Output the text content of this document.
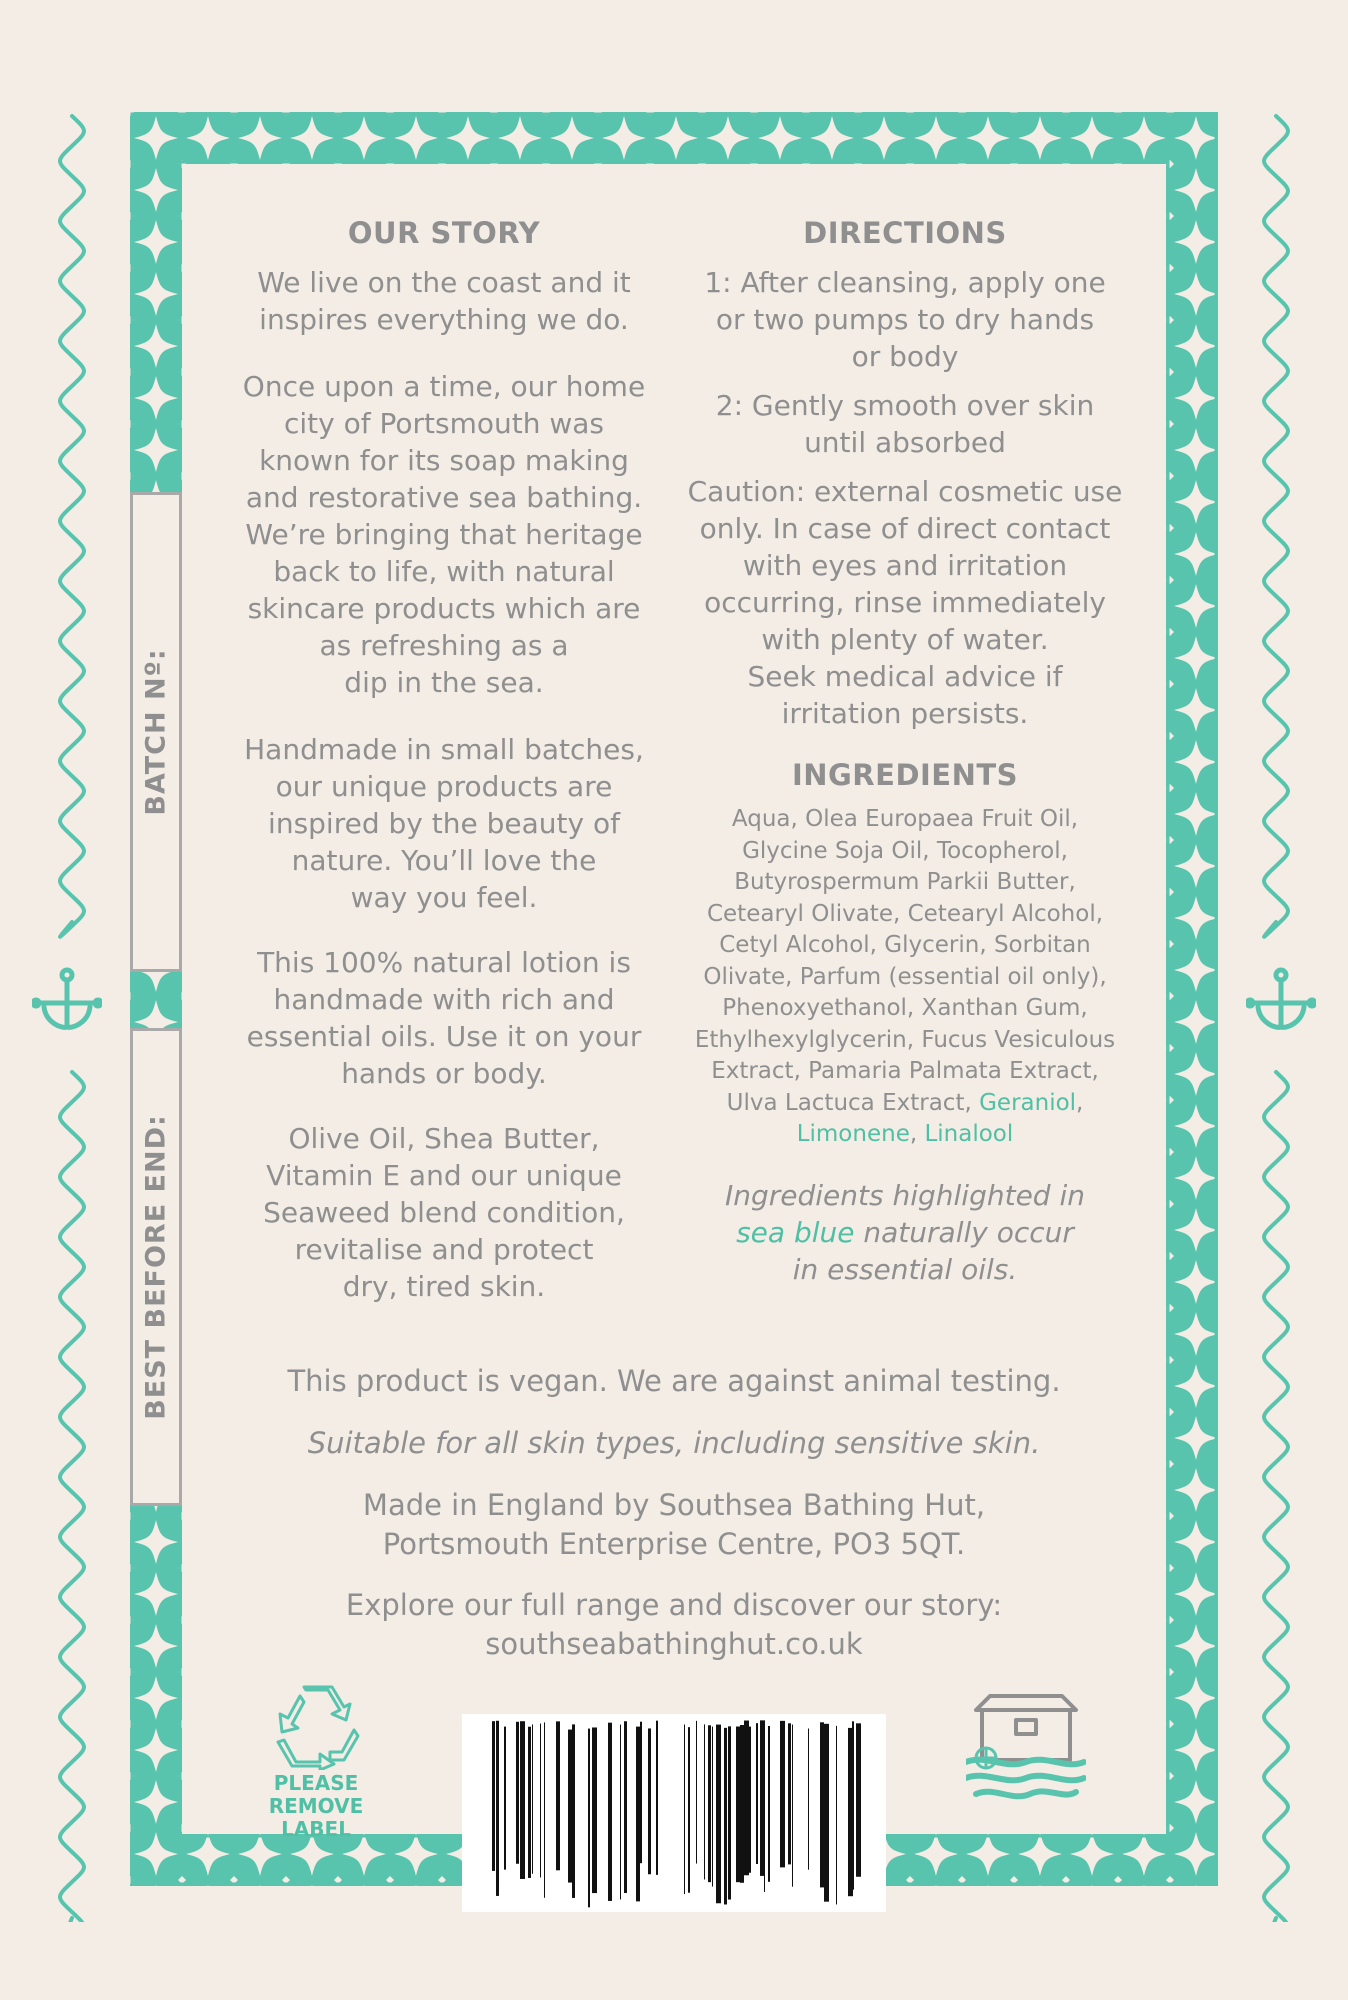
BATCH Nº:
BEST BEFORE END:
OUR STORY

We live on the coast and it
inspires everything we do.

Once upon a time, our home
city of Portsmouth was
known for its soap making
and restorative sea bathing.
We’re bringing that heritage
back to life, with natural
skincare products which are
as refreshing as a
dip in the sea.

Handmade in small batches,
our unique products are
inspired by the beauty of
nature. You’ll love the
way you feel.

This 100% natural lotion is
handmade with rich and
essential oils. Use it on your
hands or body.

Olive Oil, Shea Butter,
Vitamin E and our unique
Seaweed blend condition,
revitalise and protect
dry, tired skin.

DIRECTIONS

1: After cleansing, apply one
or two pumps to dry hands
or body

2: Gently smooth over skin
until absorbed

Caution: external cosmetic use
only. In case of direct contact
with eyes and irritation
occurring, rinse immediately
with plenty of water.
Seek medical advice if
irritation persists.

INGREDIENTS
Aqua, Olea Europaea Fruit Oil,
Glycine Soja Oil, Tocopherol,
Butyrospermum Parkii Butter,
Cetearyl Olivate, Cetearyl Alcohol,
Cetyl Alcohol, Glycerin, Sorbitan
Olivate, Parfum (essential oil only),
Phenoxyethanol, Xanthan Gum,
Ethylhexylglycerin, Fucus Vesiculous
Extract, Pamaria Palmata Extract,
Ulva Lactuca Extract, Geraniol,
Limonene, Linalool
Ingredients highlighted in
sea blue naturally occur
in essential oils.
This product is vegan. We are against animal testing.
Suitable for all skin types, including sensitive skin.
Made in England by Southsea Bathing Hut,
Portsmouth Enterprise Centre, PO3 5QT.
Explore our full range and discover our story:
southseabathinghut.co.uk
PLEASE REMOVE
LABEL
